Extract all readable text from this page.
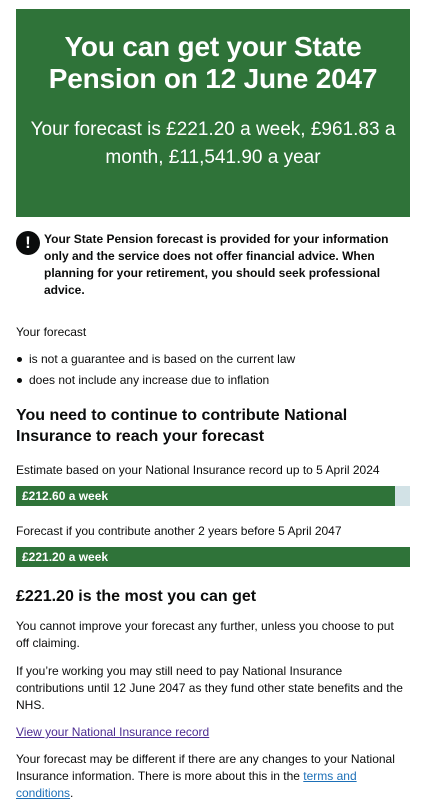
You can get your State Pension on 12 June 2047

Your forecast is £221.20 a week, £961.83 a month, £11,541.90 a year

!	Your State Pension forecast is provided for your information only and the service does not offer financial advice. When planning for your retirement, you should seek professional advice.

Your forecast

is not a guarantee and is based on the current law
does not include any increase due to inflation
You need to continue to contribute National Insurance to reach your forecast

Estimate based on your National Insurance record up to 5 April 2024

£212.60 a week

Forecast if you contribute another 2 years before 5 April 2047

£221.20 a week
£221.20 is the most you can get

You cannot improve your forecast any further, unless you choose to put off claiming.

If you’re working you may still need to pay National Insurance contributions until 12 June 2047 as they fund other state benefits and the NHS.

View your National Insurance record

Your forecast may be different if there are any changes to your National Insurance information. There is more about this in the terms and conditions.
